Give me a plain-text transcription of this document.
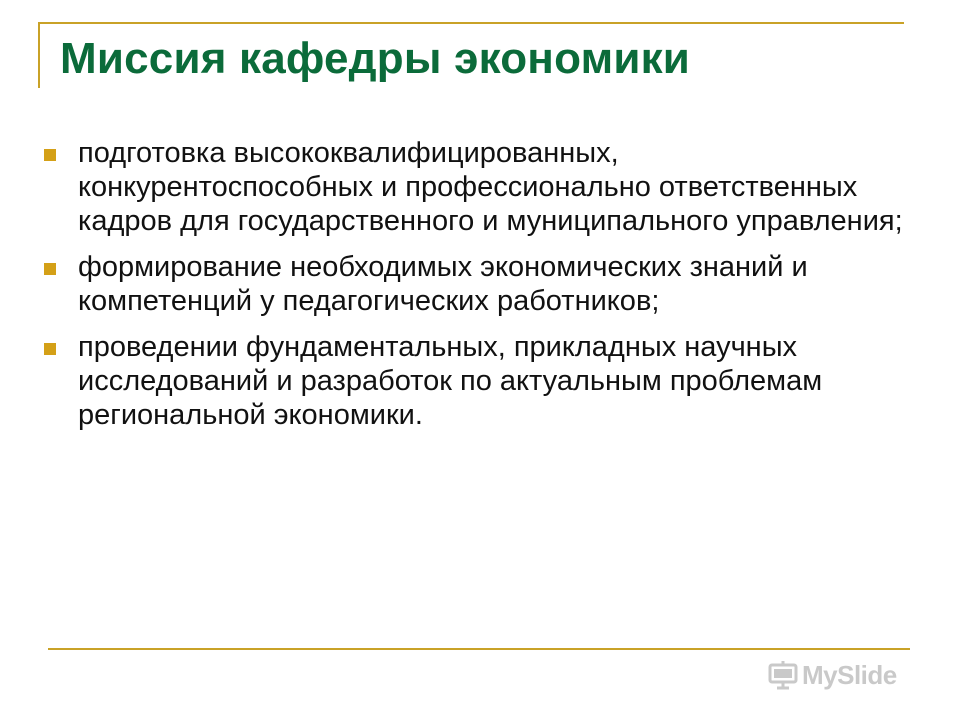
Миссия кафедры экономики
подготовка высококвалифицированных, конкурентоспособных и профессионально ответственных кадров для государственного и муниципального управления;
формирование необходимых экономических знаний и компетенций у педагогических работников;
проведении фундаментальных, прикладных научных исследований и разработок по актуальным проблемам региональной экономики.
MySlide
